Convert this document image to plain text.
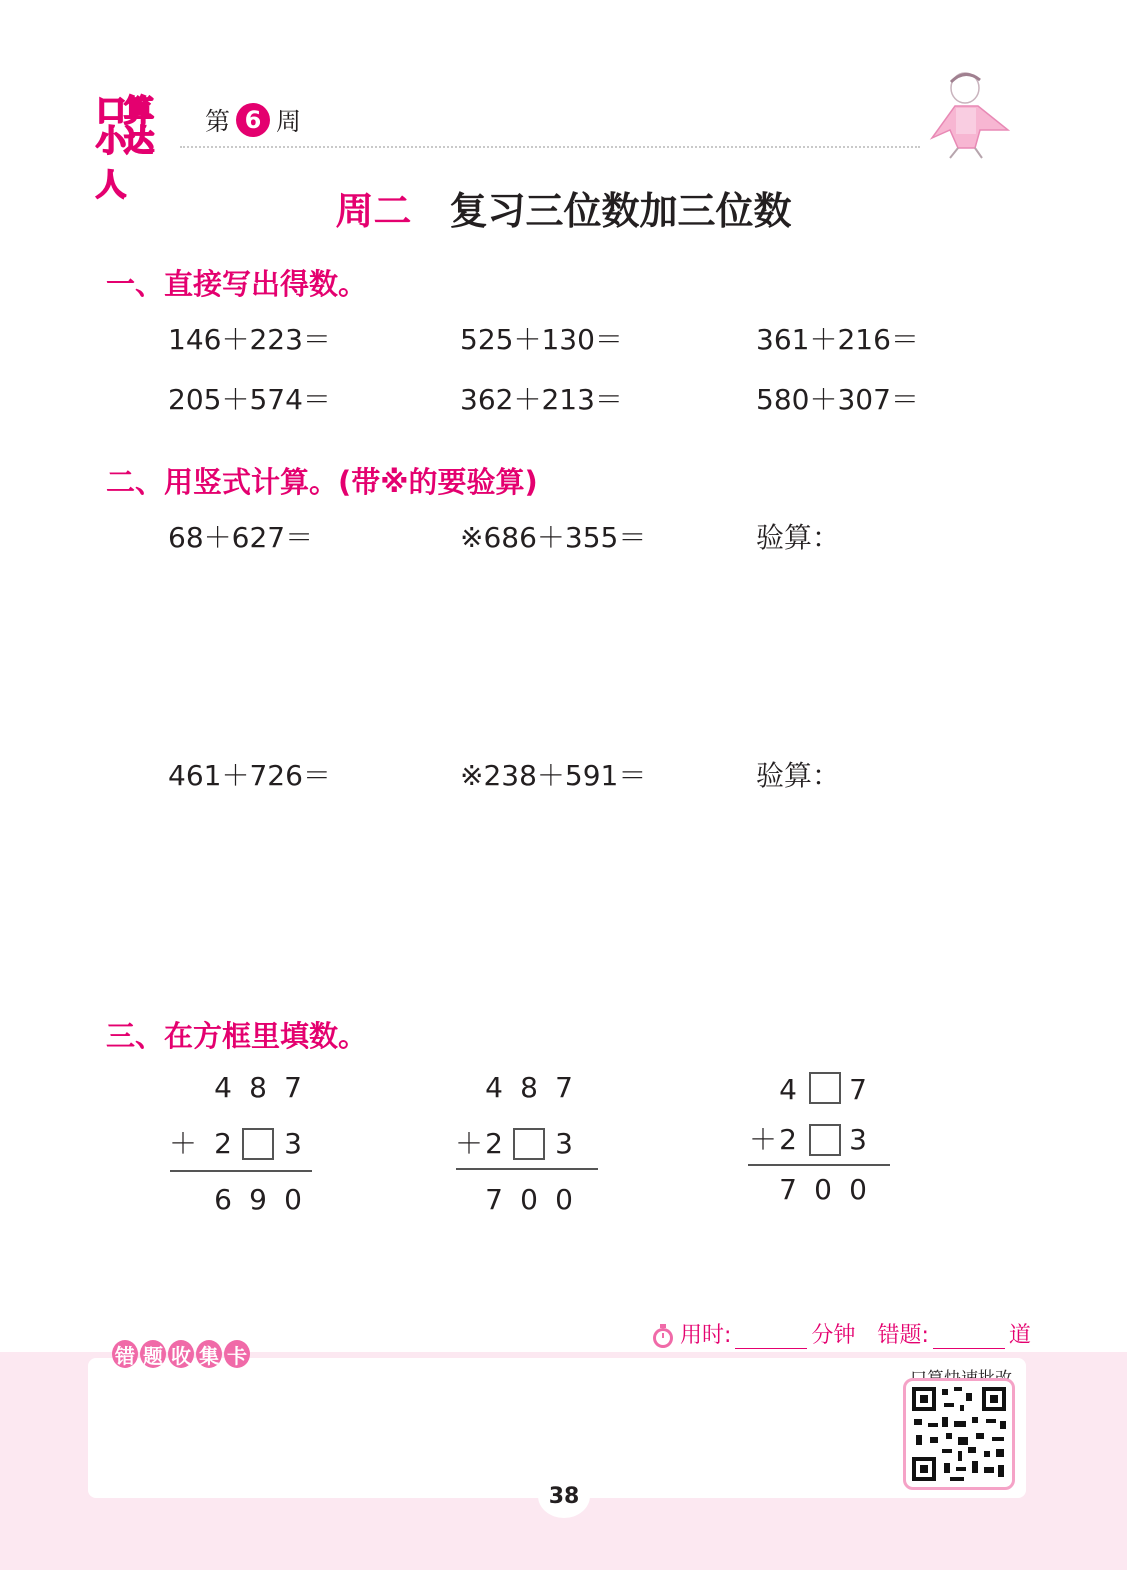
口算
小达人
第 6 周
周二 复习三位数加三位数
一、直接写出得数。
146＋223＝	525＋130＝	361＋216＝
205＋574＝	362＋213＝	580＋307＝
二、用竖式计算。(带※的要验算)
68＋627＝	※686＋355＝	验算：
461＋726＝	※238＋591＝	验算：
三、在方框里填数。
4 8 7
＋ 2 3
6 9 0
4 8 7
＋ 2 3
7 0 0
4 7
＋ 2 3
7 0 0
用时:	分钟 错题:	道
错 题 收 集 卡
38
